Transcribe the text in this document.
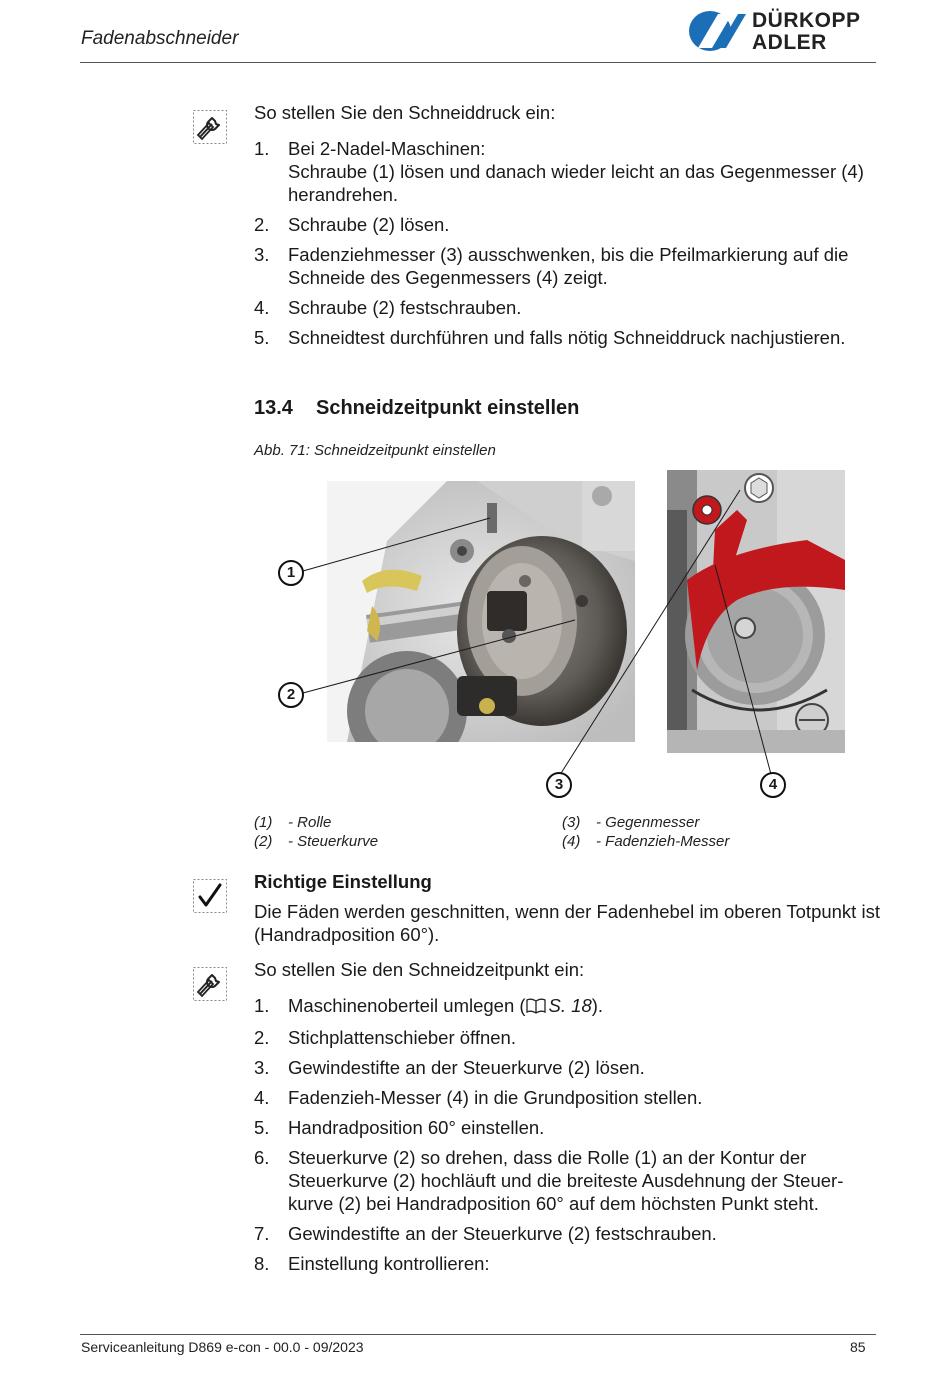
Fadenabschneider
DÜRKOPP
ADLER
So stellen Sie den Schneiddruck ein:
1. Bei 2-Nadel-Maschinen:
Schraube (1) lösen und danach wieder leicht an das Gegenmesser (4) herandrehen.
2. Schraube (2) lösen.
3. Fadenziehmesser (3) ausschwenken, bis die Pfeilmarkierung auf die Schneide des Gegenmessers (4) zeigt.
4. Schraube (2) festschrauben.
5. Schneidtest durchführen und falls nötig Schneiddruck nachjustieren.
13.4 Schneidzeitpunkt einstellen
Abb. 71: Schneidzeitpunkt einstellen
1
2
3	4
(1) - Rolle
(2) - Steuerkurve
(3) - Gegenmesser
(4) - Fadenzieh-Messer
Richtige Einstellung
Die Fäden werden geschnitten, wenn der Fadenhebel im oberen Totpunkt ist (Handradposition 60°).
So stellen Sie den Schneidzeitpunkt ein:
1. Maschinenoberteil umlegen ( S. 18).
2. Stichplattenschieber öffnen.
3. Gewindestifte an der Steuerkurve (2) lösen.
4. Fadenzieh-Messer (4) in die Grundposition stellen.
5. Handradposition 60° einstellen.
6. Steuerkurve (2) so drehen, dass die Rolle (1) an der Kontur der Steuerkurve (2) hochläuft und die breiteste Ausdehnung der Steuer-kurve (2) bei Handradposition 60° auf dem höchsten Punkt steht.
7. Gewindestifte an der Steuerkurve (2) festschrauben.
8. Einstellung kontrollieren:
Serviceanleitung D869 e-con - 00.0 - 09/2023	85
